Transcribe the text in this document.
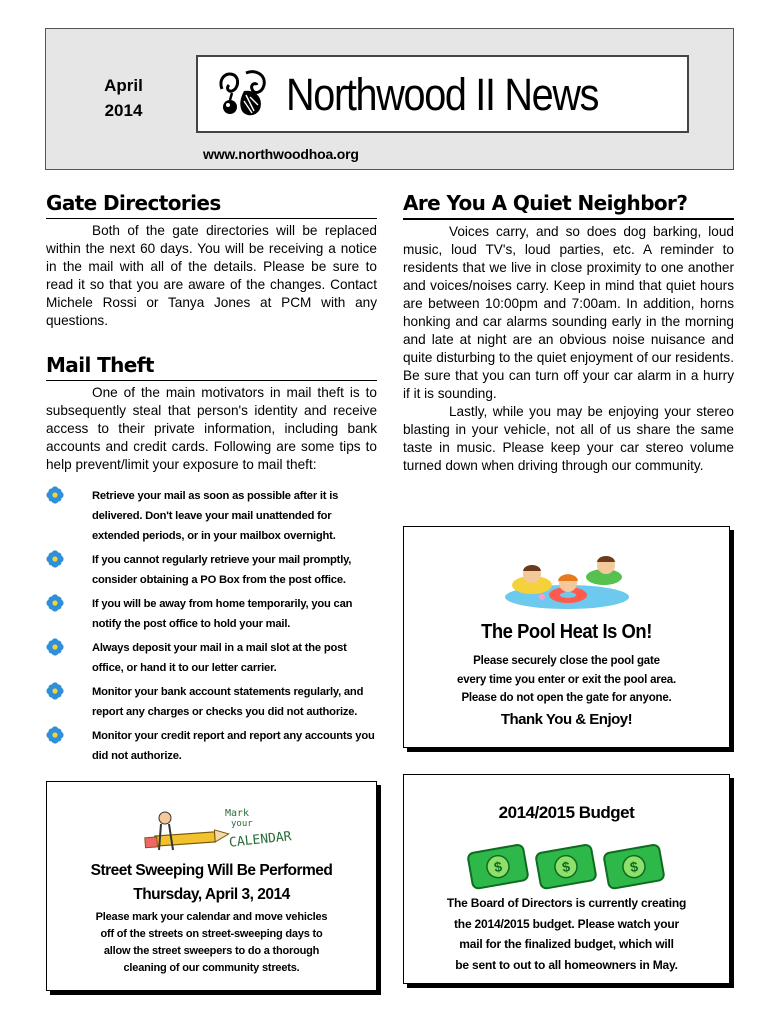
April
2014	Northwood II News
www.northwoodhoa.org
Gate Directories

Both of the gate directories will be replaced within the next 60 days. You will be receiving a notice in the mail with all of the details. Please be sure to read it so that you are aware of the changes. Contact Michele Rossi or Tanya Jones at PCM with any questions.

Mail Theft

One of the main motivators in mail theft is to subsequently steal that person's identity and receive access to their private information, including bank accounts and credit cards. Following are some tips to help prevent/limit your exposure to mail theft:

Retrieve your mail as soon as possible after it is delivered. Don't leave your mail unattended for extended periods, or in your mailbox overnight.
If you cannot regularly retrieve your mail promptly, consider obtaining a PO Box from the post office.
If you will be away from home temporarily, you can notify the post office to hold your mail.
Always deposit your mail in a mail slot at the post office, or hand it to our letter carrier.
Monitor your bank account statements regularly, and report any charges or checks you did not authorize.
Monitor your credit report and report any accounts you did not authorize.
Are You A Quiet Neighbor?

Voices carry, and so does dog barking, loud music, loud TV's, loud parties, etc. A reminder to residents that we live in close proximity to one another and voices/noises carry. Keep in mind that quiet hours are between 10:00pm and 7:00am. In addition, horns honking and car alarms sounding early in the morning and late at night are an obvious noise nuisance and quite disturbing to the quiet enjoyment of our residents. Be sure that you can turn off your car alarm in a hurry if it is sounding.

Lastly, while you may be enjoying your stereo blasting in your vehicle, not all of us share the same taste in music. Please keep your car stereo volume turned down when driving through our community.

The Pool Heat Is On!
Please securely close the pool gate
every time you enter or exit the pool area.
Please do not open the gate for anyone.
Thank You & Enjoy!
2014/2015 Budget
$	$	$
The Board of Directors is currently creating
the 2014/2015 budget. Please watch your
mail for the finalized budget, which will
be sent to out to all homeowners in May.
Mark
your
CALENDAR
Street Sweeping Will Be Performed
Thursday, April 3, 2014
Please mark your calendar and move vehicles
off of the streets on street-sweeping days to
allow the street sweepers to do a thorough
cleaning of our community streets.
